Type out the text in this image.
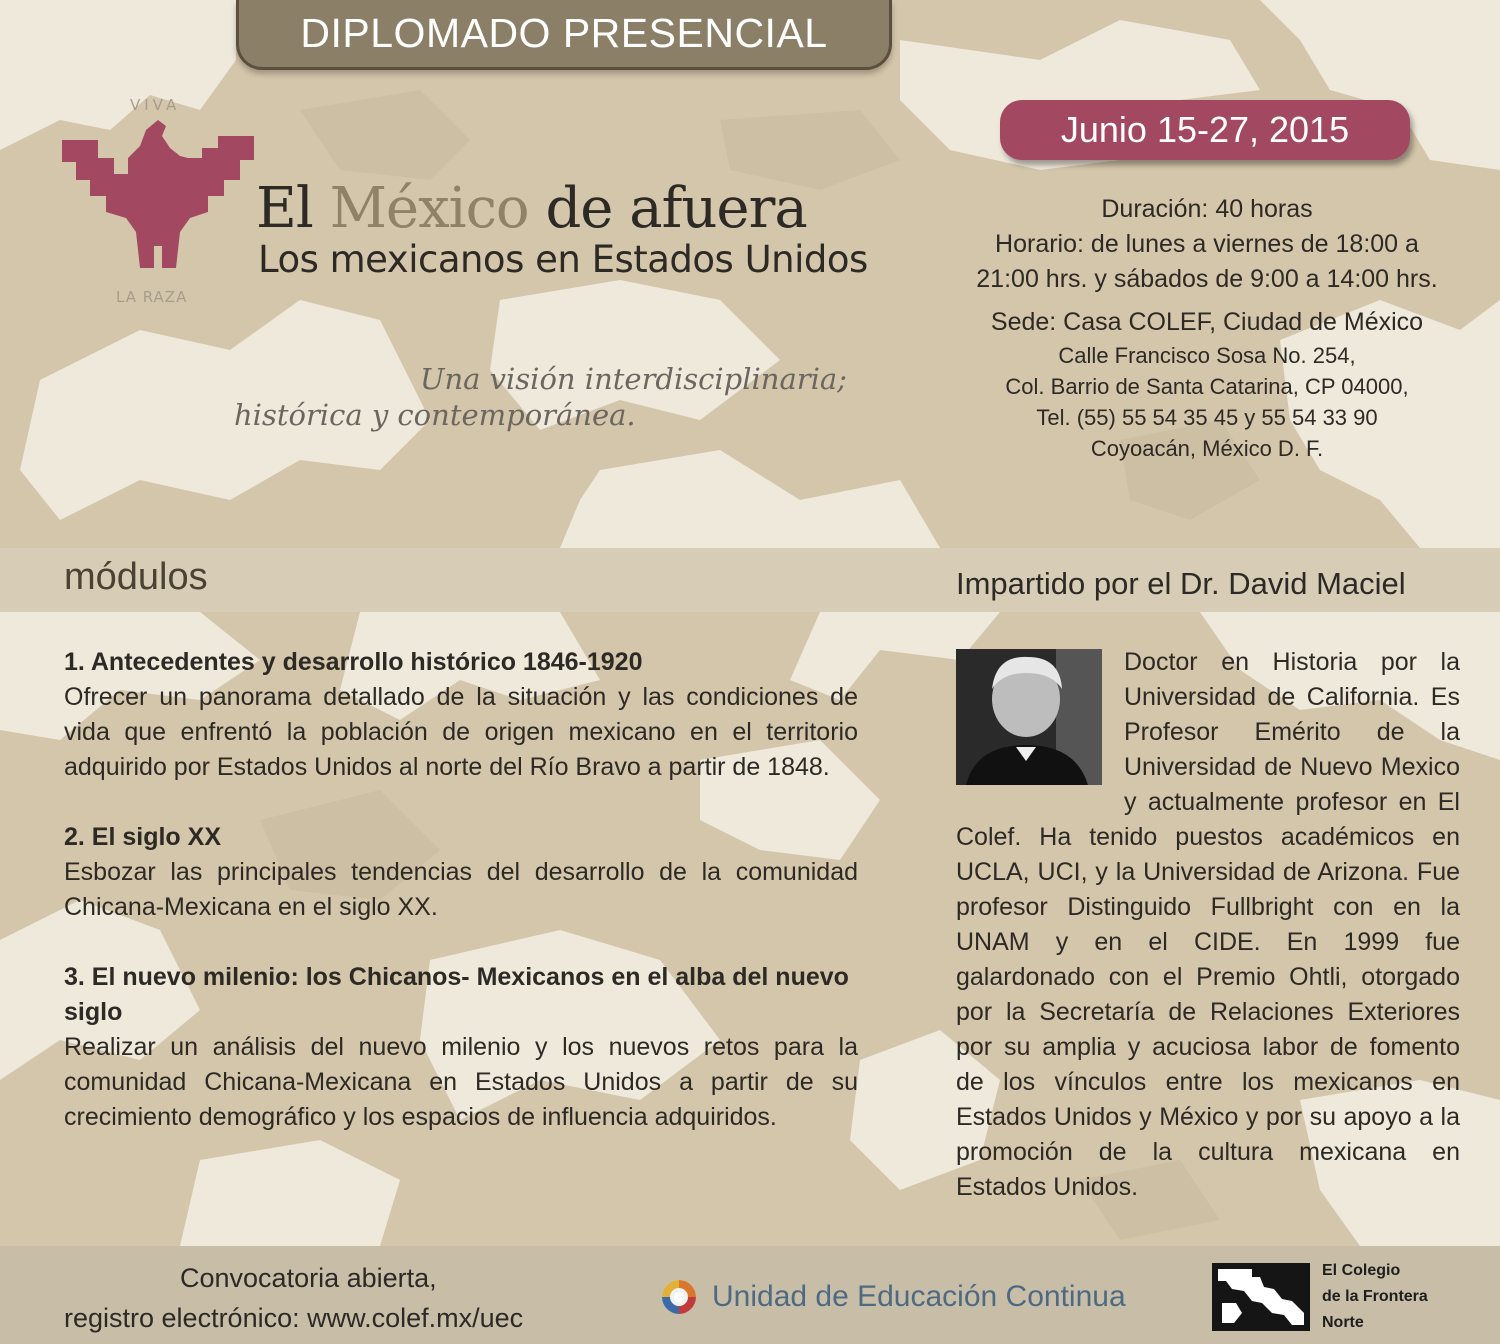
DIPLOMADO PRESENCIAL
Junio 15-27, 2015
VIVA
LA RAZA
El México de afuera
Los mexicanos en Estados Unidos
Una visión interdisciplinaria;
histórica y contemporánea.
Duración: 40 horas
Horario: de lunes a viernes de 18:00 a
21:00 hrs. y sábados de 9:00 a 14:00 hrs.
Sede: Casa COLEF, Ciudad de México
Calle Francisco Sosa No. 254,
Col. Barrio de Santa Catarina, CP 04000,
Tel. (55) 55 54 35 45 y 55 54 33 90
Coyoacán, México D. F.
módulos	Impartido por el Dr. David Maciel
1. Antecedentes y desarrollo histórico 1846-1920
Ofrecer un panorama detallado de la situación y las condiciones de vida que enfrentó la población de origen mexicano en el territorio adquirido por Estados Unidos al norte del Río Bravo a partir de 1848.
2. El siglo XX
Esbozar las principales tendencias del desarrollo de la comunidad Chicana-Mexicana en el siglo XX.
3. El nuevo milenio: los Chicanos- Mexicanos en el alba del nuevo siglo
Realizar un análisis del nuevo milenio y los nuevos retos para la comunidad Chicana-Mexicana en Estados Unidos a partir de su crecimiento demográfico y los espacios de influencia adquiridos.
Doctor en Historia por la Universidad de California. Es Profesor Emérito de la Universidad de Nuevo Mexico y actualmente profesor en El Colef. Ha tenido puestos académicos en UCLA, UCI, y la Universidad de Arizona. Fue profesor Distinguido Fullbright con en la UNAM y en el CIDE. En 1999 fue galardonado con el Premio Ohtli, otorgado por la Secretaría de Relaciones Exteriores por su amplia y acuciosa labor de fomento de los vínculos entre los mexicanos en Estados Unidos y México y por su apoyo a la promoción de la cultura mexicana en Estados Unidos.
Convocatoria abierta,
registro electrónico: www.colef.mx/uec
Unidad de Educación Continua
El Colegio
de la Frontera
Norte
